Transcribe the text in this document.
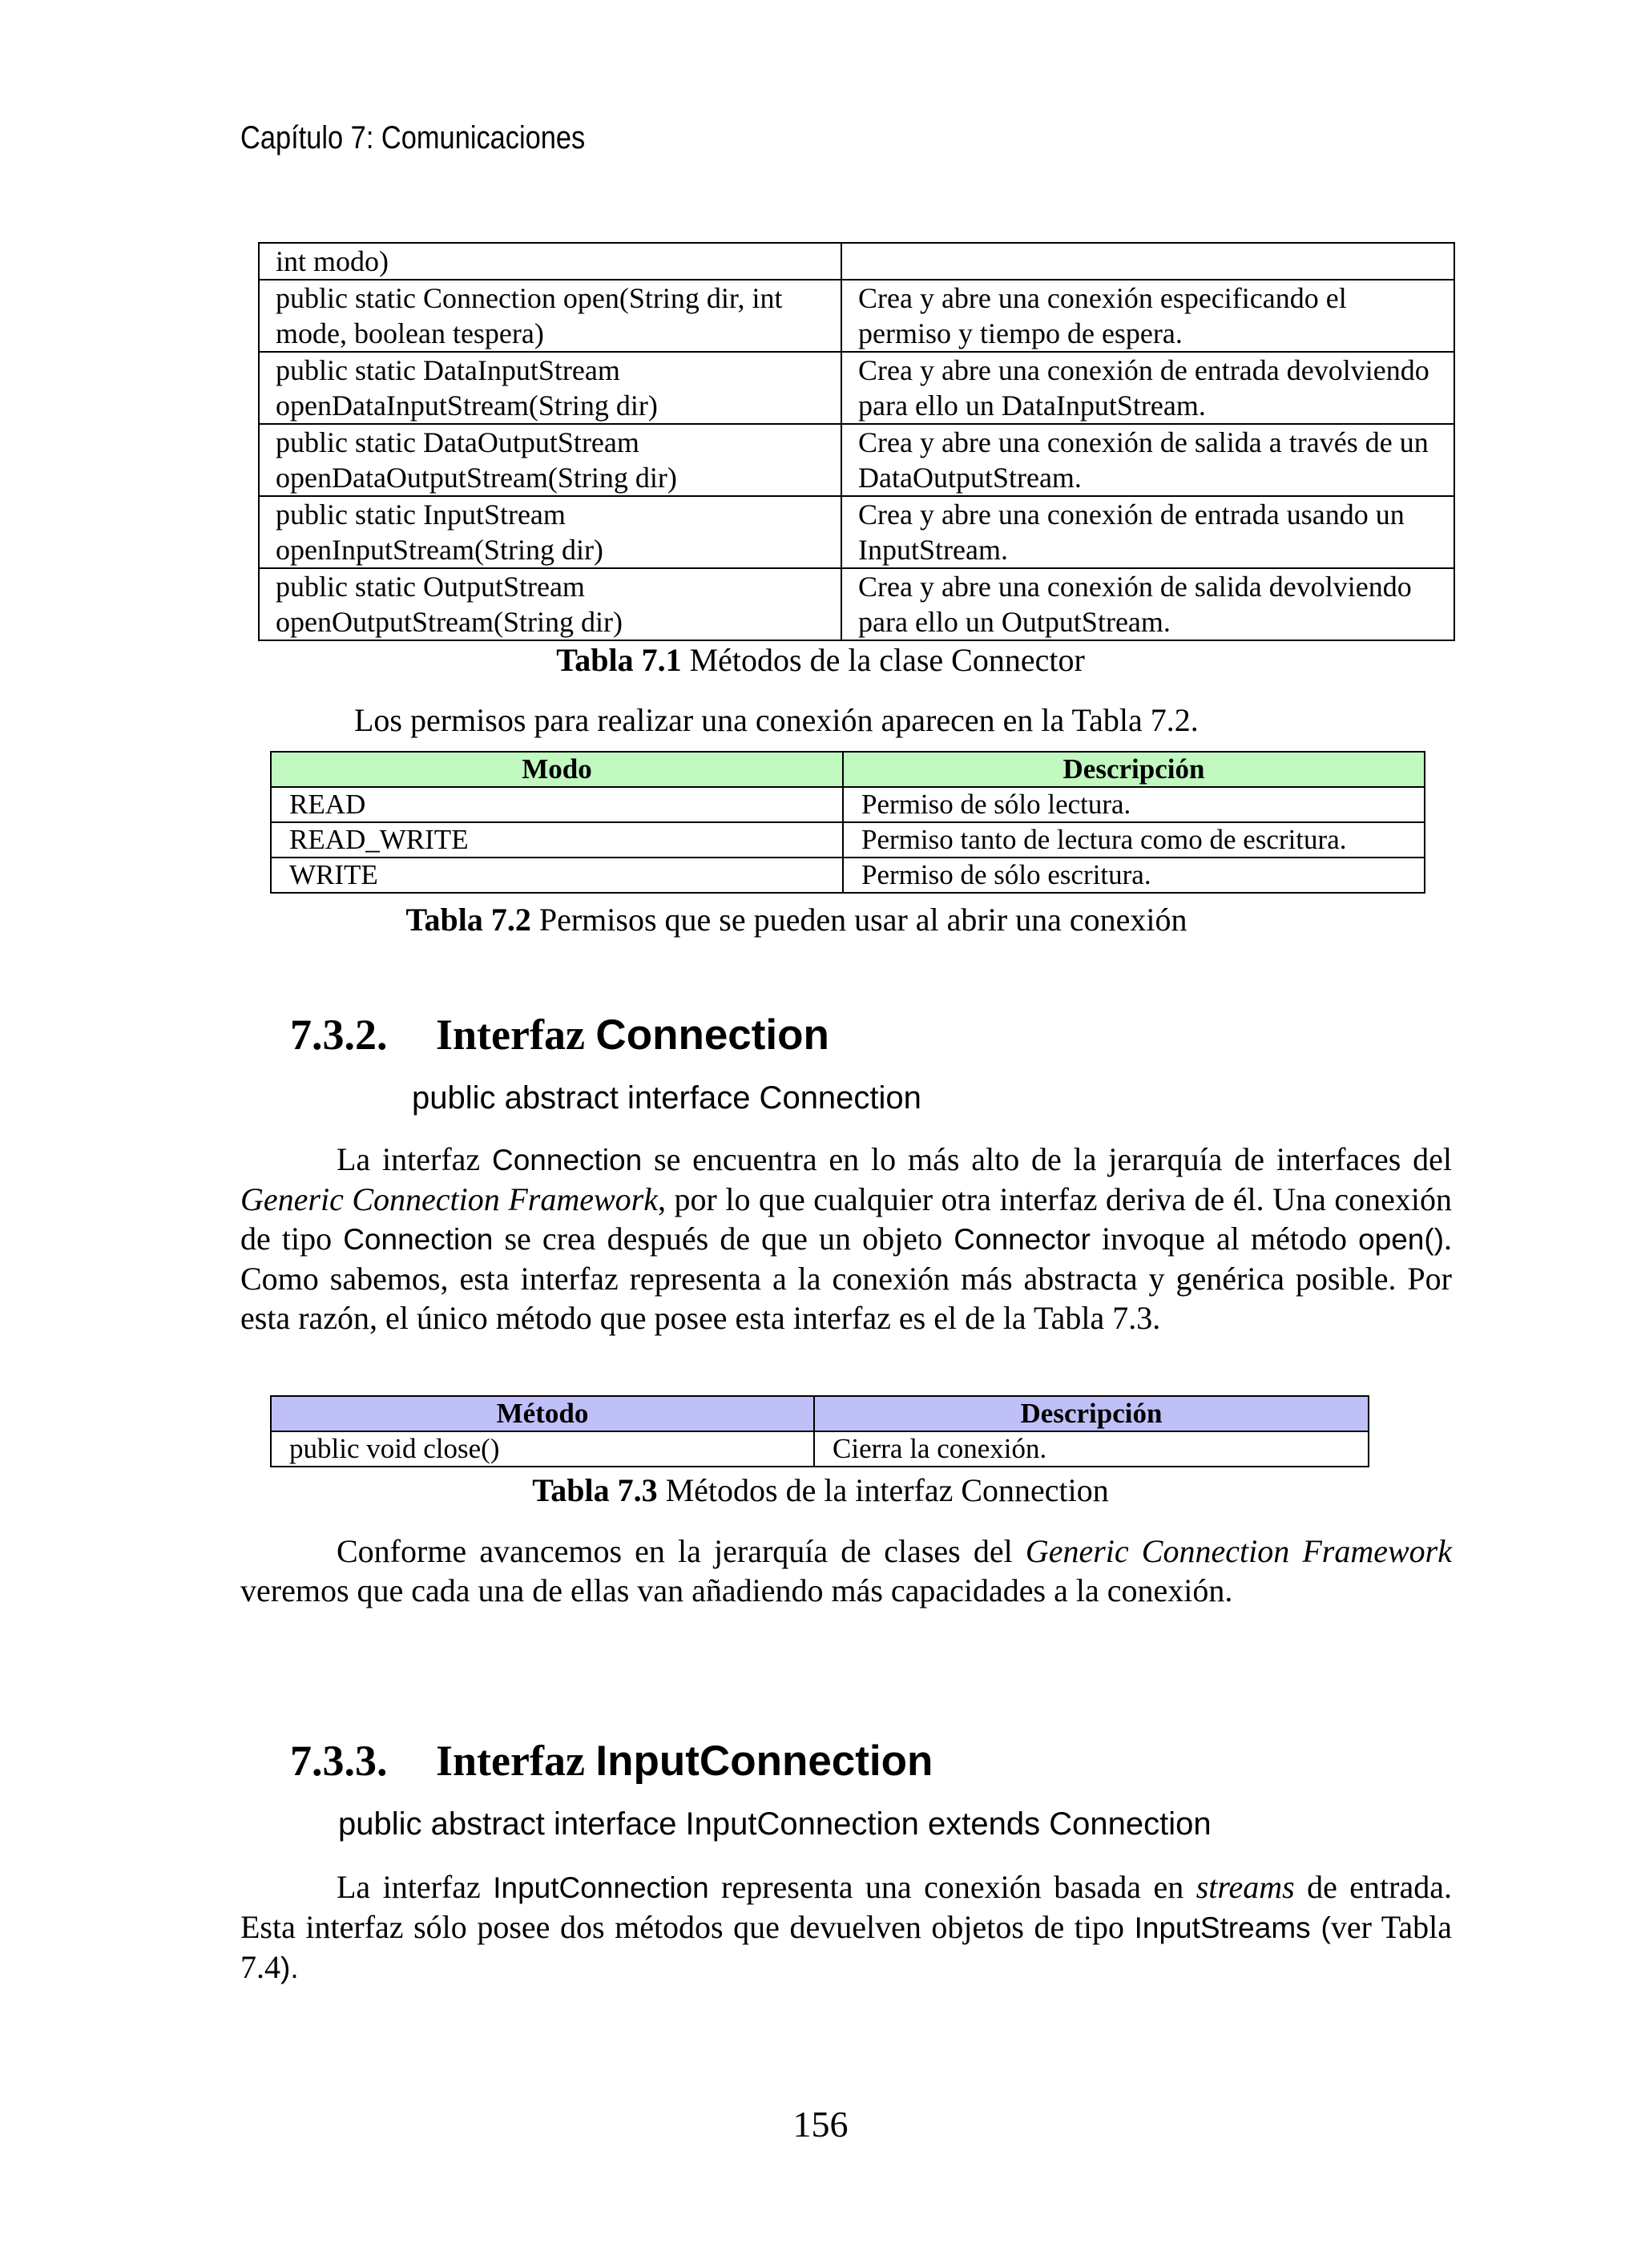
Capítulo 7: Comunicaciones
int modo)	
public static Connection open(String dir, int mode, boolean tespera)	Crea y abre una conexión especificando el permiso y tiempo de espera.
public static DataInputStream openDataInputStream(String dir)	Crea y abre una conexión de entrada devolviendo para ello un DataInputStream.
public static DataOutputStream openDataOutputStream(String dir)	Crea y abre una conexión de salida a través de un DataOutputStream.
public static InputStream openInputStream(String dir)	Crea y abre una conexión de entrada usando un InputStream.
public static OutputStream openOutputStream(String dir)	Crea y abre una conexión de salida devolviendo para ello un OutputStream.
Tabla 7.1 Métodos de la clase Connector
Los permisos para realizar una conexión aparecen en la Tabla 7.2.
Modo	Descripción
READ	Permiso de sólo lectura.
READ_WRITE	Permiso tanto de lectura como de escritura.
WRITE	Permiso de sólo escritura.
Tabla 7.2 Permisos que se pueden usar al abrir una conexión
7.3.2. Interfaz Connection
public abstract interface Connection

La interfaz Connection se encuentra en lo más alto de la jerarquía de interfaces del Generic Connection Framework, por lo que cualquier otra interfaz deriva de él. Una conexión de tipo Connection se crea después de que un objeto Connector invoque al método open(). Como sabemos, esta interfaz representa a la conexión más abstracta y genérica posible. Por esta razón, el único método que posee esta interfaz es el de la Tabla 7.3.

Método	Descripción
public void close()	Cierra la conexión.
Tabla 7.3 Métodos de la interfaz Connection

Conforme avancemos en la jerarquía de clases del Generic Connection Framework veremos que cada una de ellas van añadiendo más capacidades a la conexión.

7.3.3. Interfaz InputConnection
public abstract interface InputConnection extends Connection

La interfaz InputConnection representa una conexión basada en streams de entrada. Esta interfaz sólo posee dos métodos que devuelven objetos de tipo InputStreams (ver Tabla 7.4).

156
